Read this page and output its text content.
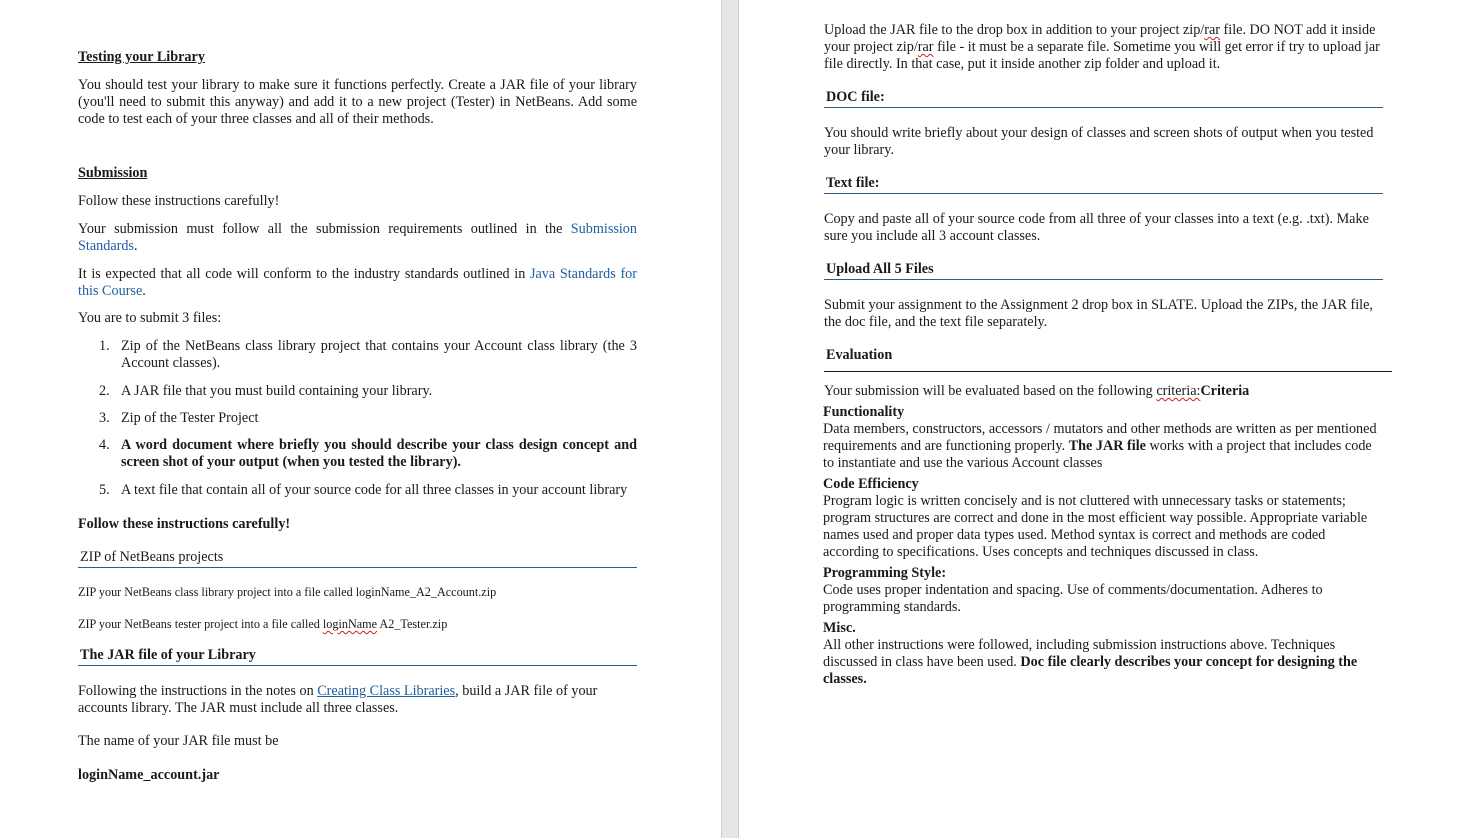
Testing your Library

You should test your library to make sure it functions perfectly. Create a JAR file of your library (you'll need to submit this anyway) and add it to a new project (Tester) in NetBeans. Add some code to test each of your three classes and all of their methods.

Submission

Follow these instructions carefully!

Your submission must follow all the submission requirements outlined in the Submission Standards.

It is expected that all code will conform to the industry standards outlined in Java Standards for this Course.

You are to submit 3 files:

1. Zip of the NetBeans class library project that contains your Account class library (the 3 Account classes).
2. A JAR file that you must build containing your library.
3. Zip of the Tester Project
4. A word document where briefly you should describe your class design concept and screen shot of your output (when you tested the library).
5. A text file that contain all of your source code for all three classes in your account library

Follow these instructions carefully!

ZIP of NetBeans projects

ZIP your NetBeans class library project into a file called loginName_A2_Account.zip

ZIP your NetBeans tester project into a file called loginName A2_Tester.zip

The JAR file of your Library

Following the instructions in the notes on Creating Class Libraries, build a JAR file of your accounts library. The JAR must include all three classes.

The name of your JAR file must be

loginName_account.jar

Upload the JAR file to the drop box in addition to your project zip/rar file. DO NOT add it inside your project zip/rar file - it must be a separate file. Sometime you will get error if try to upload jar file directly. In that case, put it inside another zip folder and upload it.

DOC file:

You should write briefly about your design of classes and screen shots of output when you tested your library.

Text file:

Copy and paste all of your source code from all three of your classes into a text (e.g. .txt). Make sure you include all 3 account classes.

Upload All 5 Files

Submit your assignment to the Assignment 2 drop box in SLATE. Upload the ZIPs, the JAR file, the doc file, and the text file separately.

Evaluation

Your submission will be evaluated based on the following criteria:Criteria

Functionality

Data members, constructors, accessors / mutators and other methods are written as per mentioned requirements and are functioning properly. The JAR file works with a project that includes code to instantiate and use the various Account classes

Code Efficiency

Program logic is written concisely and is not cluttered with unnecessary tasks or statements; program structures are correct and done in the most efficient way possible. Appropriate variable names used and proper data types used. Method syntax is correct and methods are coded according to specifications. Uses concepts and techniques discussed in class.

Programming Style:

Code uses proper indentation and spacing. Use of comments/documentation. Adheres to programming standards.

Misc.

All other instructions were followed, including submission instructions above. Techniques discussed in class have been used. Doc file clearly describes your concept for designing the classes.
